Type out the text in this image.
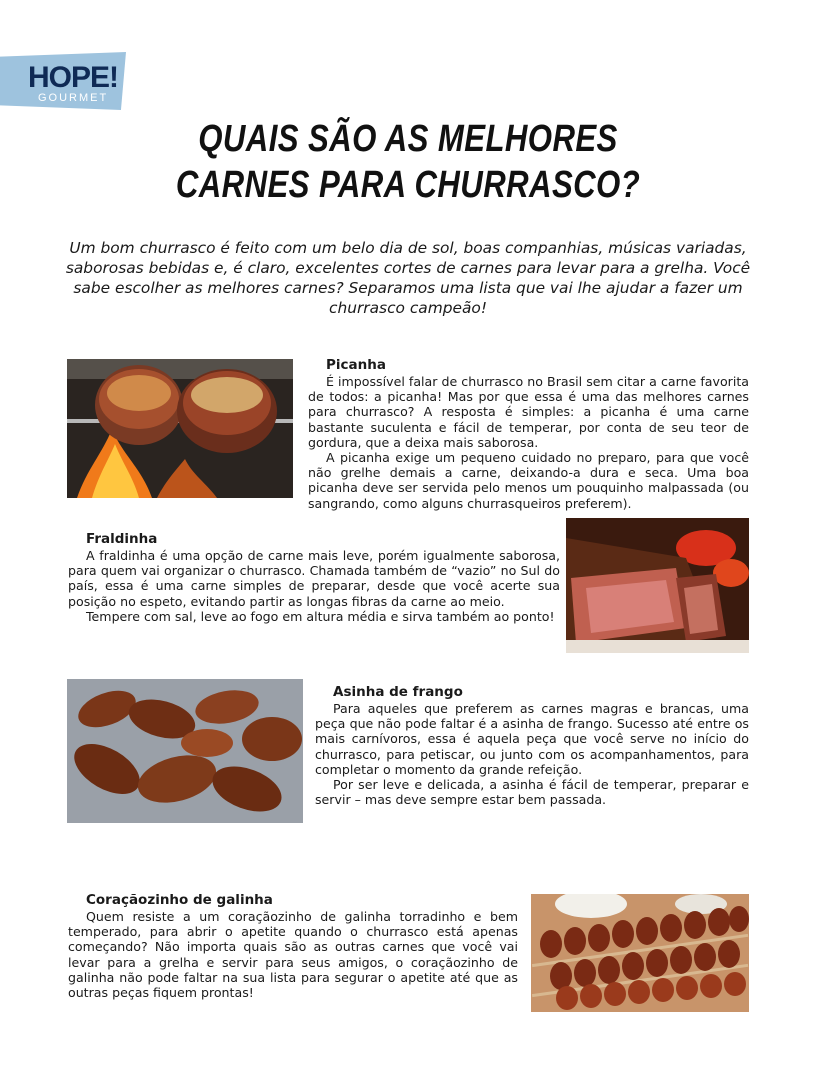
HOPE!
GOURMET
QUAIS SÃO AS MELHORES
CARNES PARA CHURRASCO?
Um bom churrasco é feito com um belo dia de sol, boas companhias, músicas variadas, saborosas bebidas e, é claro, excelentes cortes de carnes para levar para a grelha. Você sabe escolher as melhores carnes? Separamos uma lista que vai lhe ajudar a fazer um churrasco campeão!
Picanha

É impossível falar de churrasco no Brasil sem citar a carne favorita de todos: a picanha! Mas por que essa é uma das melhores carnes para churrasco? A resposta é simples: a picanha é uma carne bastante suculenta e fácil de temperar, por conta de seu teor de gordura, que a deixa mais saborosa.

A picanha exige um pequeno cuidado no preparo, para que você não grelhe demais a carne, deixando-a dura e seca. Uma boa picanha deve ser servida pelo menos um pouquinho malpassada (ou sangrando, como alguns churrasqueiros preferem).

Fraldinha

A fraldinha é uma opção de carne mais leve, porém igualmente saborosa, para quem vai organizar o churrasco. Chamada também de “vazio” no Sul do país, essa é uma carne simples de preparar, desde que você acerte sua posição no espeto, evitando partir as longas fibras da carne ao meio.

Tempere com sal, leve ao fogo em altura média e sirva também ao ponto!

Asinha de frango

Para aqueles que preferem as carnes magras e brancas, uma peça que não pode faltar é a asinha de frango. Sucesso até entre os mais carnívoros, essa é aquela peça que você serve no início do churrasco, para petiscar, ou junto com os acompanhamentos, para completar o momento da grande refeição.

Por ser leve e delicada, a asinha é fácil de temperar, preparar e servir – mas deve sempre estar bem passada.

Coraçãozinho de galinha

Quem resiste a um coraçãozinho de galinha torradinho e bem temperado, para abrir o apetite quando o churrasco está apenas começando? Não importa quais são as outras carnes que você vai levar para a grelha e servir para seus amigos, o coraçãozinho de galinha não pode faltar na sua lista para segurar o apetite até que as outras peças fiquem prontas!
